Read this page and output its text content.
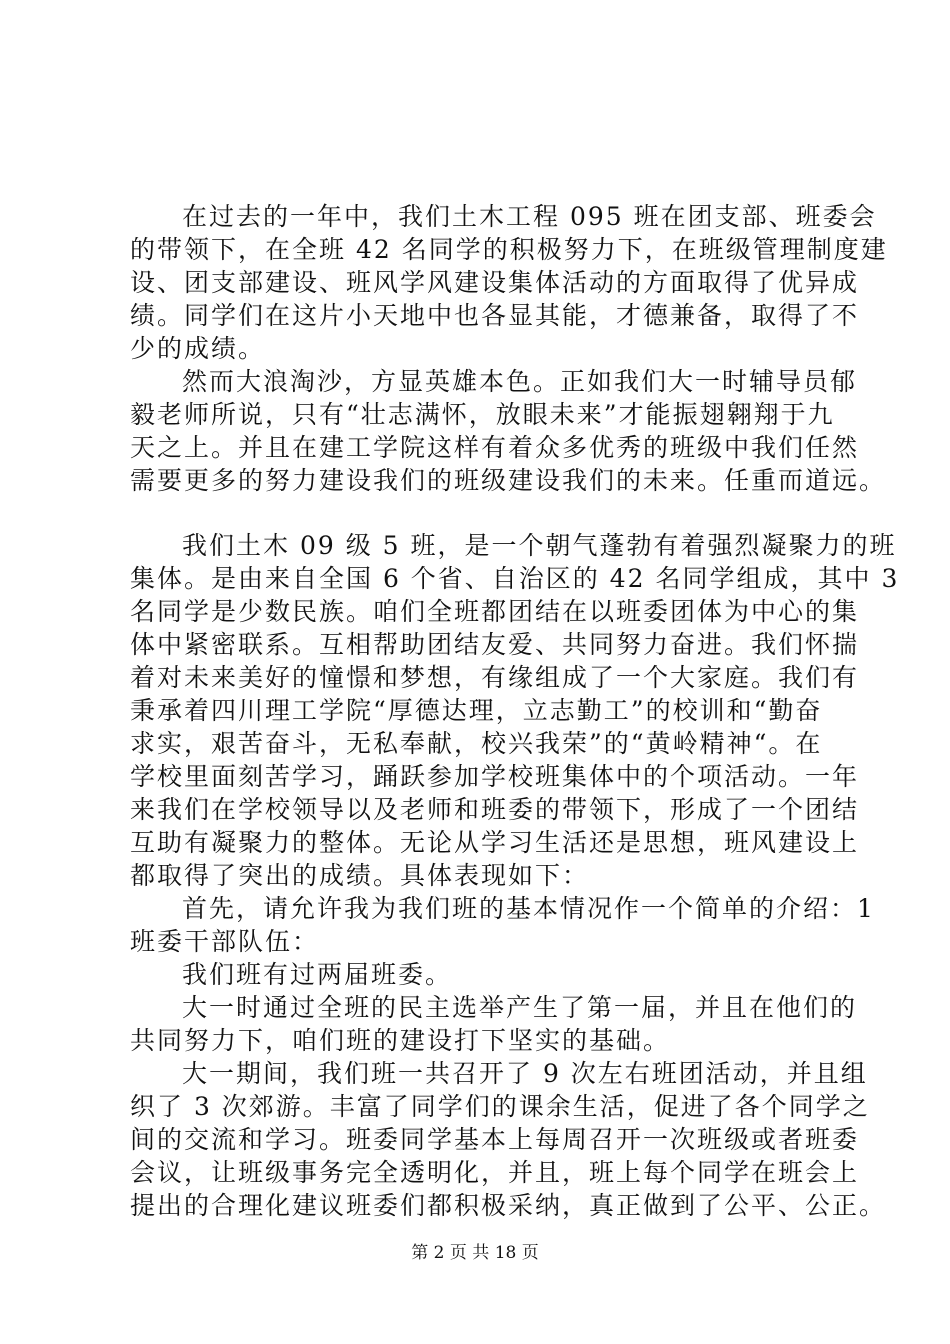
在过去的一年中，我们土木工程 095 班在团支部、班委会
的带领下，在全班 42 名同学的积极努力下，在班级管理制度建
设、团支部建设、班风学风建设集体活动的方面取得了优异成
绩。同学们在这片小天地中也各显其能，才德兼备，取得了不
少的成绩。
然而大浪淘沙，方显英雄本色。正如我们大一时辅导员郁
毅老师所说，只有“壮志满怀，放眼未来”才能振翅翱翔于九
天之上。并且在建工学院这样有着众多优秀的班级中我们任然
需要更多的努力建设我们的班级建设我们的未来。任重而道远。
我们土木 09 级 5 班，是一个朝气蓬勃有着强烈凝聚力的班
集体。是由来自全国 6 个省、自治区的 42 名同学组成，其中 3
名同学是少数民族。咱们全班都团结在以班委团体为中心的集
体中紧密联系。互相帮助团结友爱、共同努力奋进。我们怀揣
着对未来美好的憧憬和梦想，有缘组成了一个大家庭。我们有
秉承着四川理工学院“厚德达理，立志勤工”的校训和“勤奋
求实，艰苦奋斗，无私奉献，校兴我荣”的“黄岭精神“。在
学校里面刻苦学习，踊跃参加学校班集体中的个项活动。一年
来我们在学校领导以及老师和班委的带领下，形成了一个团结
互助有凝聚力的整体。无论从学习生活还是思想，班风建设上
都取得了突出的成绩。具体表现如下：
首先，请允许我为我们班的基本情况作一个简单的介绍：1
班委干部队伍：
我们班有过两届班委。
大一时通过全班的民主选举产生了第一届，并且在他们的
共同努力下，咱们班的建设打下坚实的基础。
大一期间，我们班一共召开了 9 次左右班团活动，并且组
织了 3 次郊游。丰富了同学们的课余生活，促进了各个同学之
间的交流和学习。班委同学基本上每周召开一次班级或者班委
会议，让班级事务完全透明化，并且，班上每个同学在班会上
提出的合理化建议班委们都积极采纳，真正做到了公平、公正。
第 2 页 共 18 页
